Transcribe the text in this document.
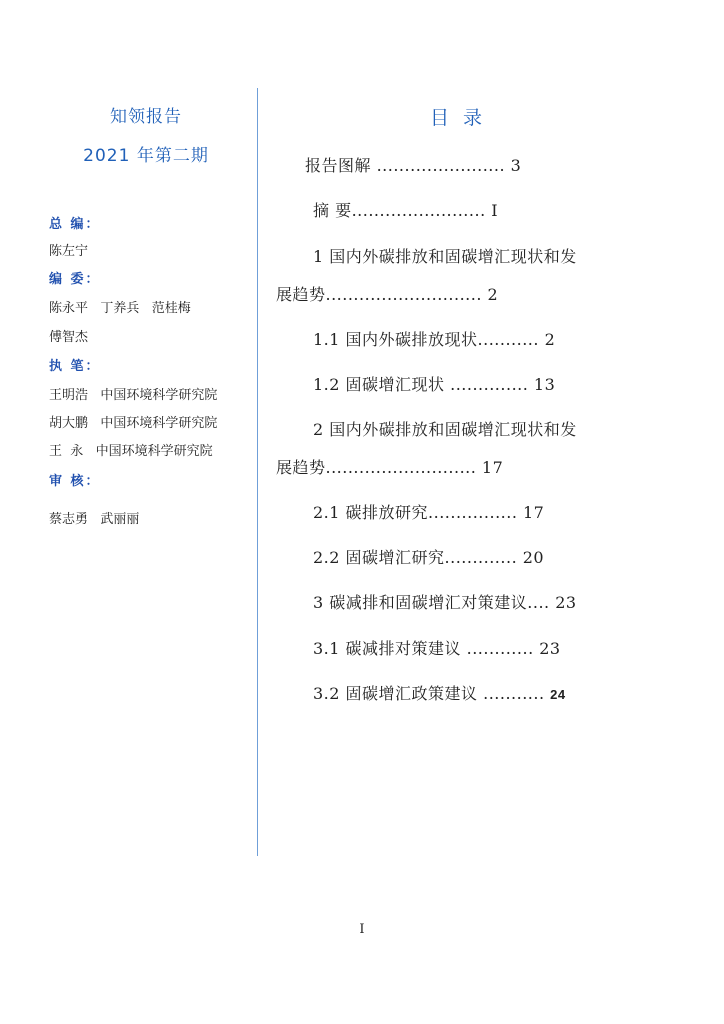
知领报告
2021 年第二期
总 编：
陈左宁
编 委：
陈永平   丁养兵   范桂梅
傅智杰
执 笔：
王明浩   中国环境科学研究院
胡大鹏   中国环境科学研究院
王  永   中国环境科学研究院
审 核：
蔡志勇   武丽丽
目 录
报告图解 ....................... 3
摘 要........................ I
1 国内外碳排放和固碳增汇现状和发
展趋势............................ 2
1.1 国内外碳排放现状........... 2
1.2 固碳增汇现状 .............. 13
2 国内外碳排放和固碳增汇现状和发
展趋势........................... 17
2.1 碳排放研究................ 17
2.2 固碳增汇研究............. 20
3 碳减排和固碳增汇对策建议.... 23
3.1 碳减排对策建议 ............ 23
3.2 固碳增汇政策建议 ........... 24
I
